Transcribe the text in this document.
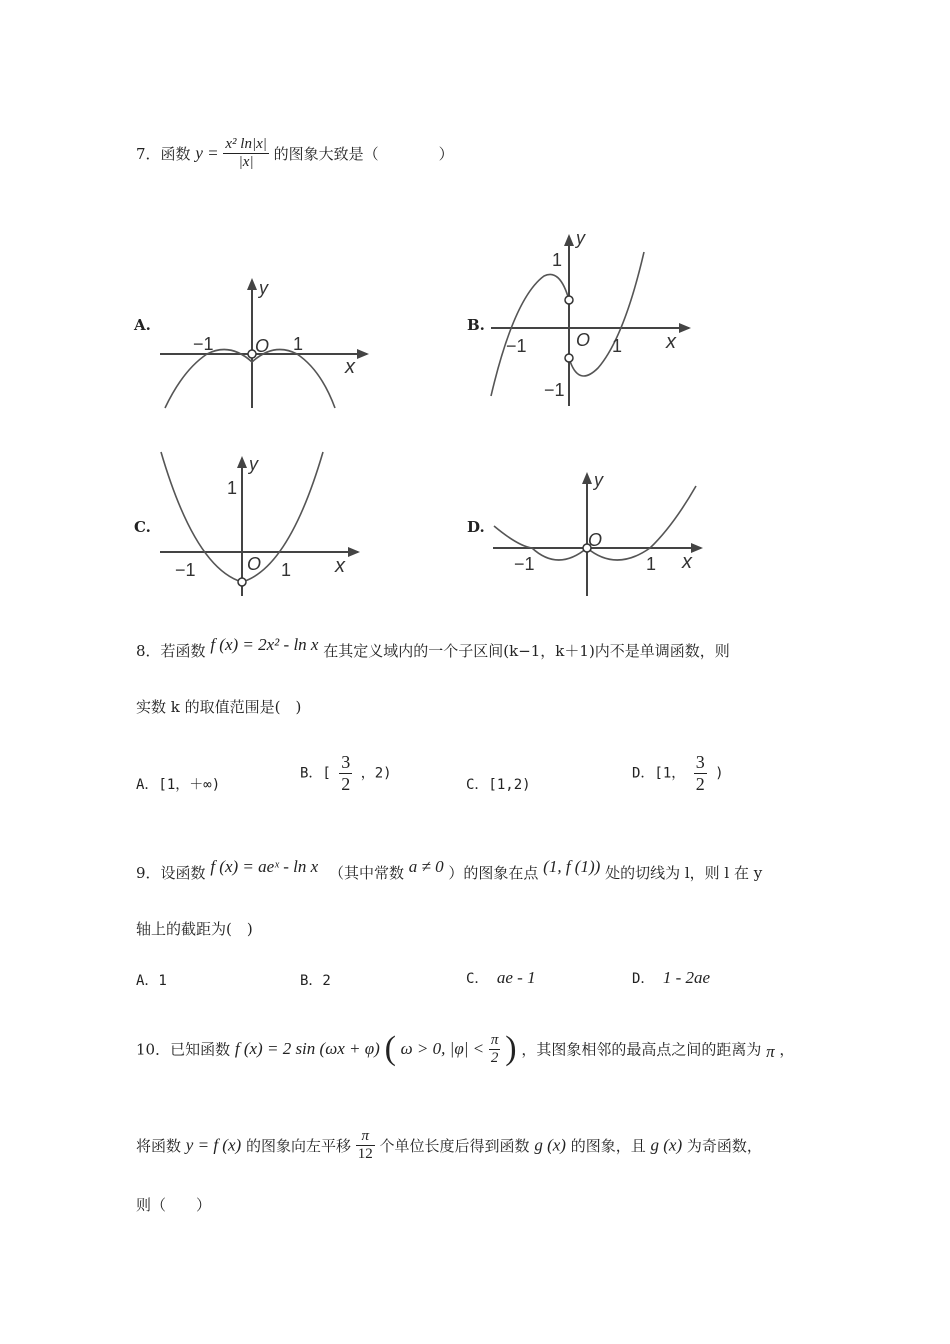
7．函数 $y = \frac{\text{x² ln|x|}}{|x|}$ 的图象大致是（　　　　）
A.
−1	1
O
x
y
B.
−1	1
1
−1
O	x
y
C.
−1	1
1
O	x
y
D.
−1	1
O
x
y
8．若函数 f (x) = 2x² - ln x 在其定义域内的一个子区间(k−1，k＋1)内不是单调函数，则
实数 k 的取值范围是(　)
A．[1，＋∞)
B．[ $\frac{3}{2}$ ，2)
C．[1,2)
D．[1， $\frac{3}{2}$ )
9．设函数 f (x) = aeˣ - ln x （其中常数 a ≠ 0 ）的图象在点 (1, f (1)) 处的切线为 l，则 l 在 y
轴上的截距为(　)
A．1	B．2	C． ae - 1	D． 1 - 2ae
10．已知函数 f (x) = 2 sin (ωx + φ) ( ω > 0, $|\varphi| < \frac{\pi}{2}$ ) ，其图象相邻的最高点之间的距离为 π ，
将函数 y = f (x) 的图象向左平移 $\frac{\pi}{12}$ 个单位长度后得到函数 g (x) 的图象，且 g (x) 为奇函数，
则（　　）
